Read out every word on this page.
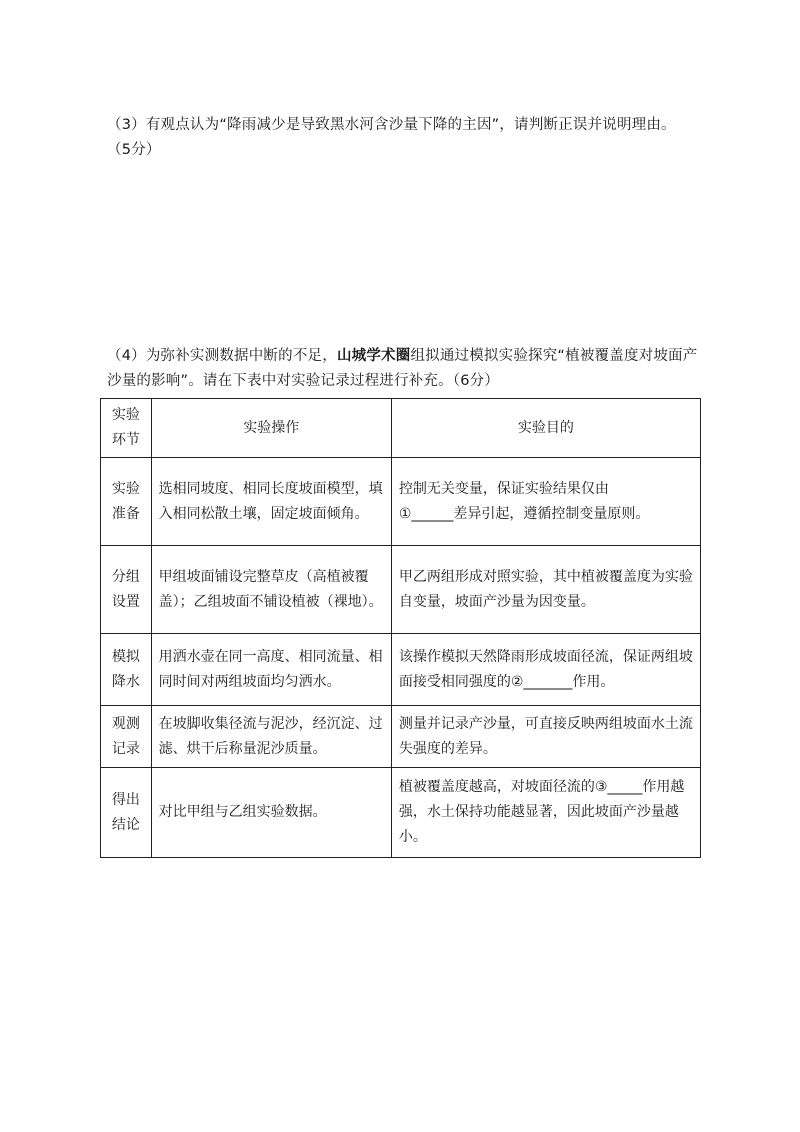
（3）有观点认为“降雨减少是导致黑水河含沙量下降的主因”，请判断正误并说明理由。
（5分）
（4）为弥补实测数据中断的不足，山城学术圈组拟通过模拟实验探究“植被覆盖度对坡面产沙量的影响”。请在下表中对实验记录过程进行补充。（6分）
实验
环节	实验操作	实验目的

实验
准备	选相同坡度、相同长度坡面模型，填入相同松散土壤，固定坡面倾角。	控制无关变量，保证实验结果仅由
①______差异引起，遵循控制变量原则。

分组
设置	甲组坡面铺设完整草皮（高植被覆盖）；乙组坡面不铺设植被（裸地）。	甲乙两组形成对照实验，其中植被覆盖度为实验自变量，坡面产沙量为因变量。

模拟
降水	用洒水壶在同一高度、相同流量、相同时间对两组坡面均匀洒水。	该操作模拟天然降雨形成坡面径流，保证两组坡面接受相同强度的②_______作用。

观测
记录	在坡脚收集径流与泥沙，经沉淀、过滤、烘干后称量泥沙质量。	测量并记录产沙量，可直接反映两组坡面水土流失强度的差异。

得出
结论	对比甲组与乙组实验数据。	植被覆盖度越高，对坡面径流的③_____作用越强，水土保持功能越显著，因此坡面产沙量越小。
